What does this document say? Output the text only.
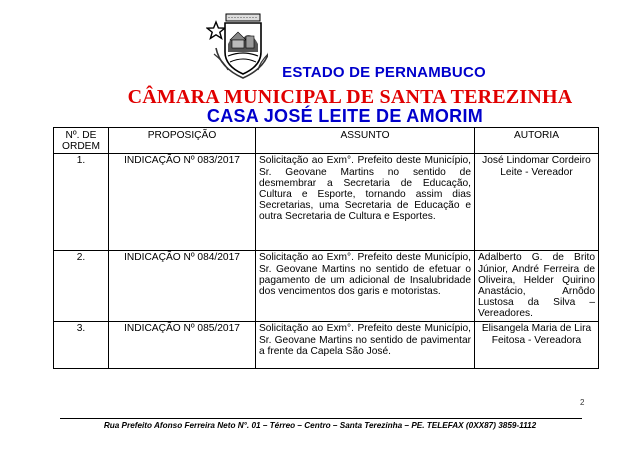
ESTADO DE PERNAMBUCO
CÂMARA MUNICIPAL DE SANTA TEREZINHA
CASA JOSÉ LEITE DE AMORIM
Nº. DE ORDEM	PROPOSIÇÃO	ASSUNTO	AUTORIA
1.	INDICAÇÃO Nº 083/2017	Solicitação ao Exm°. Prefeito deste Município, Sr. Geovane Martins no sentido de desmembrar a Secretaria de Educação, Cultura e Esporte, tornando assim dias Secretarias, uma Secretaria de Educação e outra Secretaria de Cultura e Esportes.	José Lindomar Cordeiro Leite - Vereador
2.	INDICAÇÃO Nº 084/2017	Solicitação ao Exm°. Prefeito deste Município, Sr. Geovane Martins no sentido de efetuar o pagamento de um adicional de Insalubridade dos vencimentos dos garis e motoristas.	Adalberto G. de Brito Júnior, André Ferreira de Oliveira, Helder Quirino Anastácio, Arnôdo Lustosa da Silva – Vereadores.
3.	INDICAÇÃO Nº 085/2017	Solicitação ao Exm°. Prefeito deste Município, Sr. Geovane Martins no sentido de pavimentar a frente da Capela São José.	Elisangela Maria de Lira Feitosa - Vereadora
2
Rua Prefeito Afonso Ferreira Neto N°. 01 – Térreo – Centro – Santa Terezinha – PE. TELEFAX (0XX87) 3859-1112
